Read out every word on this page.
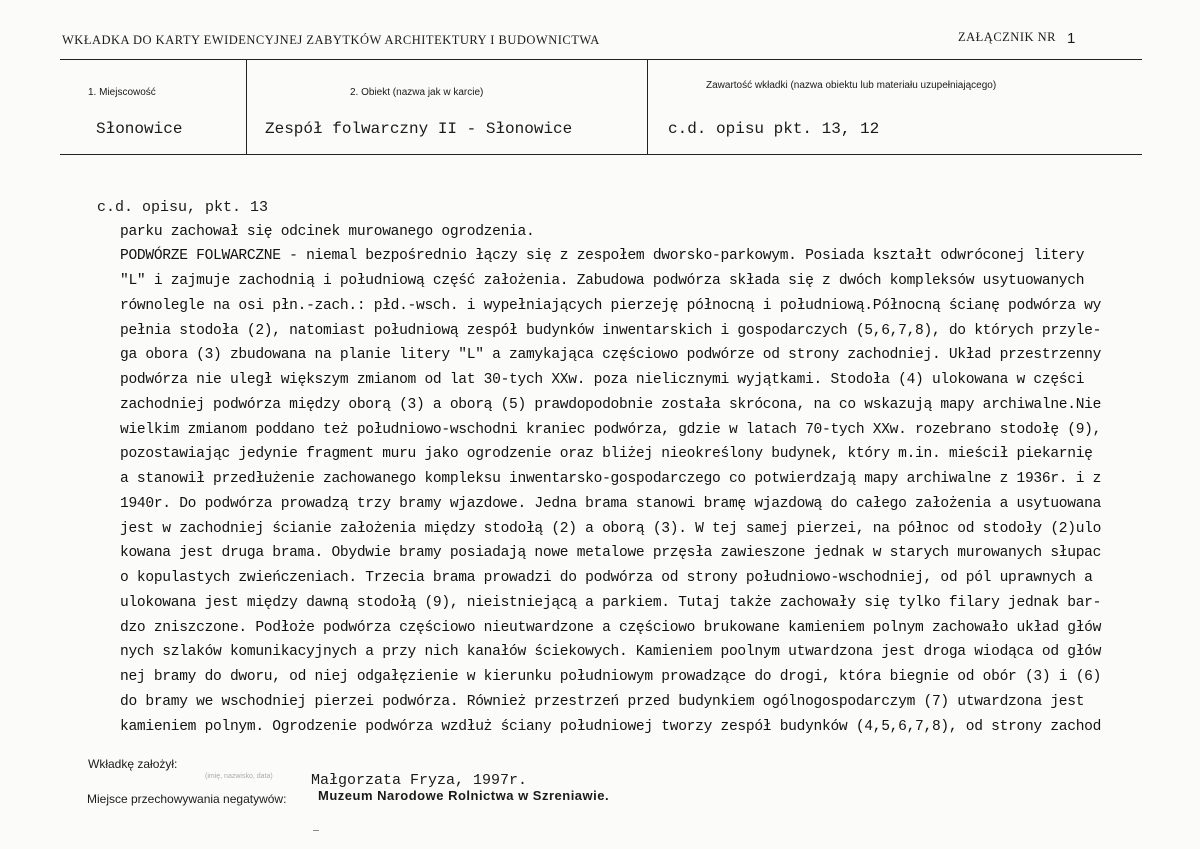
WKŁADKA DO KARTY EWIDENCYJNEJ ZABYTKÓW ARCHITEKTURY I BUDOWNICTWA	ZAŁĄCZNIK NR 1
1. Miejscowość
Słonowice
2. Obiekt (nazwa jak w karcie)
Zespół folwarczny II - Słonowice
Zawartość wkładki (nazwa obiektu lub materiału uzupełniającego)
c.d. opisu pkt. 13, 12
c.d. opisu, pkt. 13
parku zachował się odcinek murowanego ogrodzenia.
PODWÓRZE FOLWARCZNE - niemal bezpośrednio łączy się z zespołem dworsko-parkowym. Posiada kształt odwróconej litery
"L" i zajmuje zachodnią i południową część założenia. Zabudowa podwórza składa się z dwóch kompleksów usytuowanych
równolegle na osi płn.-zach.: płd.-wsch. i wypełniających pierzeję północną i południową.Północną ścianę podwórza wy
pełnia stodoła (2), natomiast południową zespół budynków inwentarskich i gospodarczych (5,6,7,8), do których przyle-
ga obora (3) zbudowana na planie litery "L" a zamykająca częściowo podwórze od strony zachodniej. Układ przestrzenny
podwórza nie uległ większym zmianom od lat 30-tych XXw. poza nielicznymi wyjątkami. Stodoła (4) ulokowana w części
zachodniej podwórza między oborą (3) a oborą (5) prawdopodobnie została skrócona, na co wskazują mapy archiwalne.Nie
wielkim zmianom poddano też południowo-wschodni kraniec podwórza, gdzie w latach 70-tych XXw. rozebrano stodołę (9),
pozostawiając jedynie fragment muru jako ogrodzenie oraz bliżej nieokreślony budynek, który m.in. mieścił piekarnię
a stanowił przedłużenie zachowanego kompleksu inwentarsko-gospodarczego co potwierdzają mapy archiwalne z 1936r. i z
1940r. Do podwórza prowadzą trzy bramy wjazdowe. Jedna brama stanowi bramę wjazdową do całego założenia a usytuowana
jest w zachodniej ścianie założenia między stodołą (2) a oborą (3). W tej samej pierzei, na północ od stodoły (2)ulo
kowana jest druga brama. Obydwie bramy posiadają nowe metalowe przęsła zawieszone jednak w starych murowanych słupac
o kopulastych zwieńczeniach. Trzecia brama prowadzi do podwórza od strony południowo-wschodniej, od pól uprawnych a
ulokowana jest między dawną stodołą (9), nieistniejącą a parkiem. Tutaj także zachowały się tylko filary jednak bar-
dzo zniszczone. Podłoże podwórza częściowo nieutwardzone a częściowo brukowane kamieniem polnym zachowało układ głów
nych szlaków komunikacyjnych a przy nich kanałów ściekowych. Kamieniem poolnym utwardzona jest droga wiodąca od głów
nej bramy do dworu, od niej odgałęzienie w kierunku południowym prowadzące do drogi, która biegnie od obór (3) i (6)
do bramy we wschodniej pierzei podwórza. Również przestrzeń przed budynkiem ogólnogospodarczym (7) utwardzona jest
kamieniem polnym. Ogrodzenie podwórza wzdłuż ściany południowej tworzy zespół budynków (4,5,6,7,8), od strony zachod
Wkładkę założył:
(imię, nazwisko, data)	Małgorzata Fryza, 1997r.
Miejsce przechowywania negatywów: Muzeum Narodowe Rolnictwa w Szreniawie.
